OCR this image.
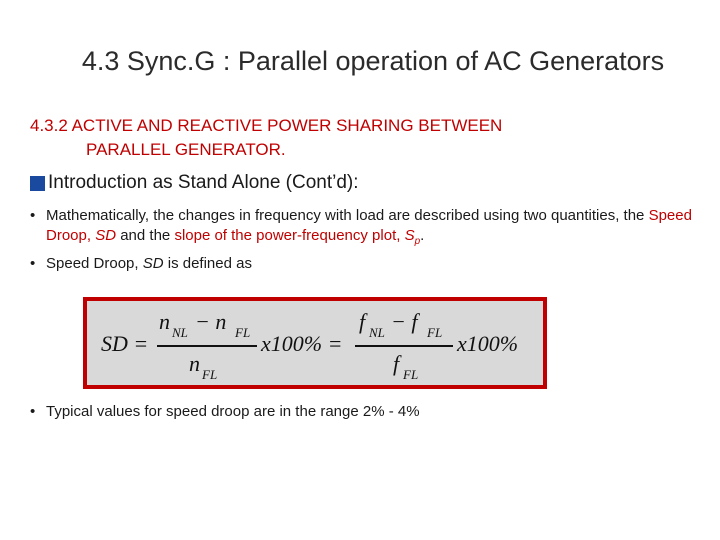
4.3 Sync.G : Parallel operation of AC Generators
4.3.2 ACTIVE AND REACTIVE POWER SHARING BETWEEN
PARALLEL GENERATOR.
Introduction as Stand Alone (Cont’d):
• Mathematically, the changes in frequency with load are described using two quantities, the Speed Droop, SD and the slope of the power-frequency plot, $S_p$.
• Speed Droop, SD is defined as
SD =
n NL − n FL
n FL
x100% =
f NL − f FL
f FL
x100%
• Typical values for speed droop are in the range 2% - 4%
